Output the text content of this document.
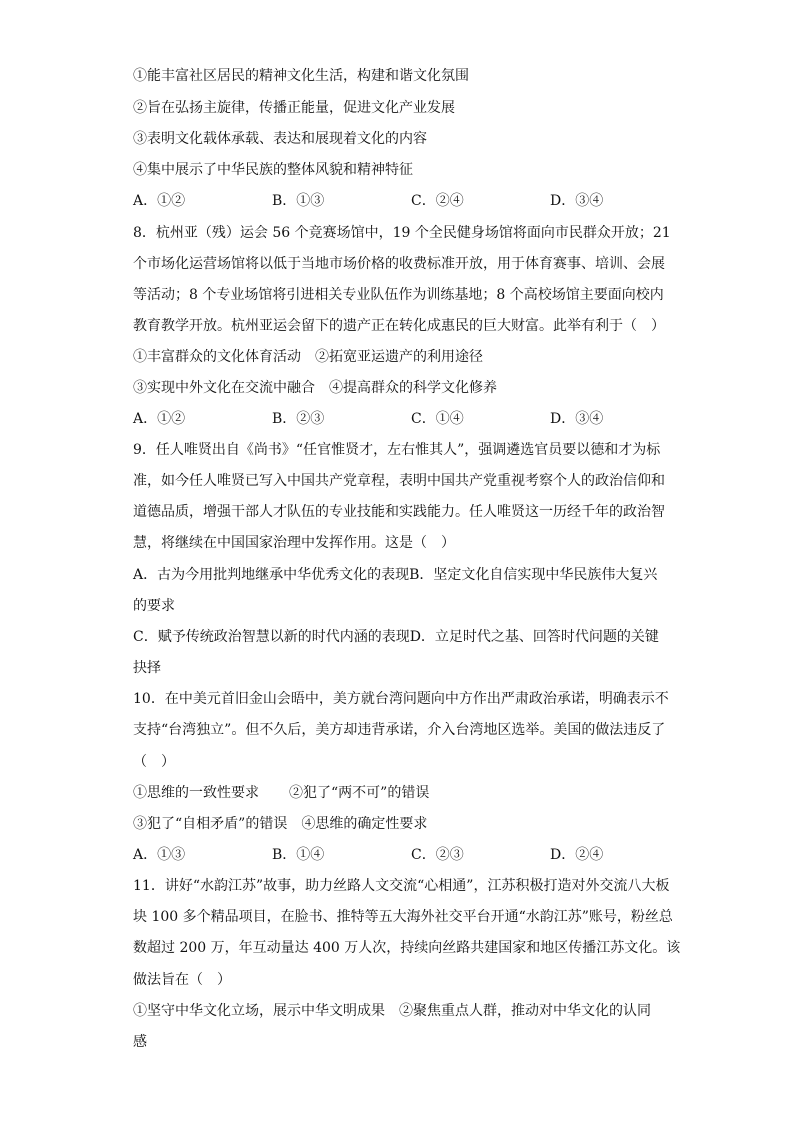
①能丰富社区居民的精神文化生活，构建和谐文化氛围
②旨在弘扬主旋律，传播正能量，促进文化产业发展
③表明文化载体承载、表达和展现着文化的内容
④集中展示了中华民族的整体风貌和精神特征
A．①②	B．①③	C．②④	D．③④
8．杭州亚（残）运会 56 个竞赛场馆中，19 个全民健身场馆将面向市民群众开放；21
个市场化运营场馆将以低于当地市场价格的收费标准开放，用于体育赛事、培训、会展
等活动；8 个专业场馆将引进相关专业队伍作为训练基地；8 个高校场馆主要面向校内
教育教学开放。杭州亚运会留下的遗产正在转化成惠民的巨大财富。此举有利于（　）
①丰富群众的文化体育活动 ②拓宽亚运遗产的利用途径
③实现中外文化在交流中融合 ④提高群众的科学文化修养
A．①②	B．②③	C．①④	D．③④
9．任人唯贤出自《尚书》“任官惟贤才，左右惟其人”，强调遴选官员要以德和才为标
准，如今任人唯贤已写入中国共产党章程，表明中国共产党重视考察个人的政治信仰和
道德品质，增强干部人才队伍的专业技能和实践能力。任人唯贤这一历经千年的政治智
慧，将继续在中国国家治理中发挥作用。这是（　）
A．古为今用批判地继承中华优秀文化的表现B．坚定文化自信实现中华民族伟大复兴
的要求
C．赋予传统政治智慧以新的时代内涵的表现D．立足时代之基、回答时代问题的关键
抉择
10．在中美元首旧金山会晤中，美方就台湾问题向中方作出严肃政治承诺，明确表示不
支持“台湾独立”。但不久后，美方却违背承诺，介入台湾地区选举。美国的做法违反了
（　）
①思维的一致性要求 ②犯了“两不可”的错误
③犯了“自相矛盾”的错误 ④思维的确定性要求
A．①③	B．①④	C．②③	D．②④
11．讲好“水韵江苏”故事，助力丝路人文交流“心相通”，江苏积极打造对外交流八大板
块 100 多个精品项目，在脸书、推特等五大海外社交平台开通“水韵江苏”账号，粉丝总
数超过 200 万，年互动量达 400 万人次，持续向丝路共建国家和地区传播江苏文化。该
做法旨在（　）
①坚守中华文化立场，展示中华文明成果 ②聚焦重点人群，推动对中华文化的认同
感
